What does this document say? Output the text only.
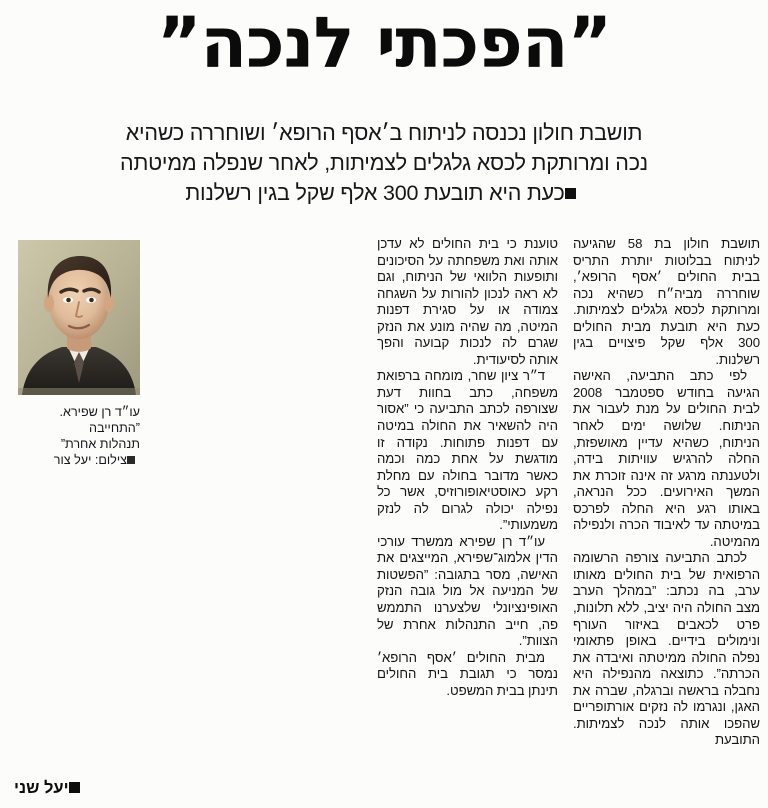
”הפכתי לנכה”
תושבת חולון נכנסה לניתוח ב׳אסף הרופא׳ ושוחררה כשהיא
נכה ומרותקת לכסא גלגלים לצמיתות, לאחר שנפלה ממיטתה
כעת היא תובעת 300 אלף שקל בגין רשלנות

תושבת חולון בת 58 שהגיעה לניתוח בבלוטות יותרת התריס בבית החולים ׳אסף הרופא׳, שוחררה מביה״ח כשהיא נכה ומרותקת לכסא גלגלים לצמיתות. כעת היא תובעת מבית החולים 300 אלף שקל פיצויים בגין רשלנות.

לפי כתב התביעה, האישה הגיעה בחודש ספטמבר 2008 לבית החולים על מנת לעבור את הניתוח. שלושה ימים לאחר הניתוח, כשהיא עדיין מאושפזת, החלה להרגיש עוויתות בידה, ולטענתה מרגע זה אינה זוכרת את המשך האירועים. ככל הנראה, באותו רגע היא החלה לפרכס במיטתה עד לאיבוד הכרה ולנפילה מהמיטה.

לכתב התביעה צורפה הרשומה הרפואית של בית החולים מאותו ערב, בה נכתב: ”במהלך הערב מצב החולה היה יציב, ללא תלונות, פרט לכאבים באיזור העורף ונימולים בידיים. באופן פתאומי נפלה החולה ממיטתה ואיבדה את הכרתה”. כתוצאה מהנפילה היא נחבלה בראשה וברגלה, שברה את האגן, ונגרמו לה נזקים אורתופריים שהפכו אותה לנכה לצמיתות. התובעת

טוענת כי בית החולים לא עדכן אותה ואת משפחתה על הסיכונים ותופעות הלוואי של הניתוח, וגם לא ראה לנכון להורות על השגחה צמודה או על סגירת דפנות המיטה, מה שהיה מונע את הנזק שגרם לה לנכות קבועה והפך אותה לסיעודית.

ד״ר ציון שחר, מומחה ברפואת משפחה, כתב בחוות דעת שצורפה לכתב התביעה כי ”אסור היה להשאיר את החולה במיטה עם דפנות פתוחות. נקודה זו מודגשת על אחת כמה וכמה כאשר מדובר בחולה עם מחלת רקע כאוסטיאופורוזיס, אשר כל נפילה יכולה לגרום לה לנזק משמעותי”.

עו״ד רן שפירא ממשרד עורכי הדין אלמוג־שפירא, המייצגים את האישה, מסר בתגובה: ”הפשטות של המניעה אל מול גובה הנזק האופינציונלי שלצערנו התממש פה, חייב התנהלות אחרת של הצוות”.

מבית החולים ׳אסף הרופא׳ נמסר כי תגובת בית החולים תינתן בבית המשפט.

עו״ד רן שפירא.
”התחייבה
תנהלות אחרת”
צילום: יעל צור
יעל שני
